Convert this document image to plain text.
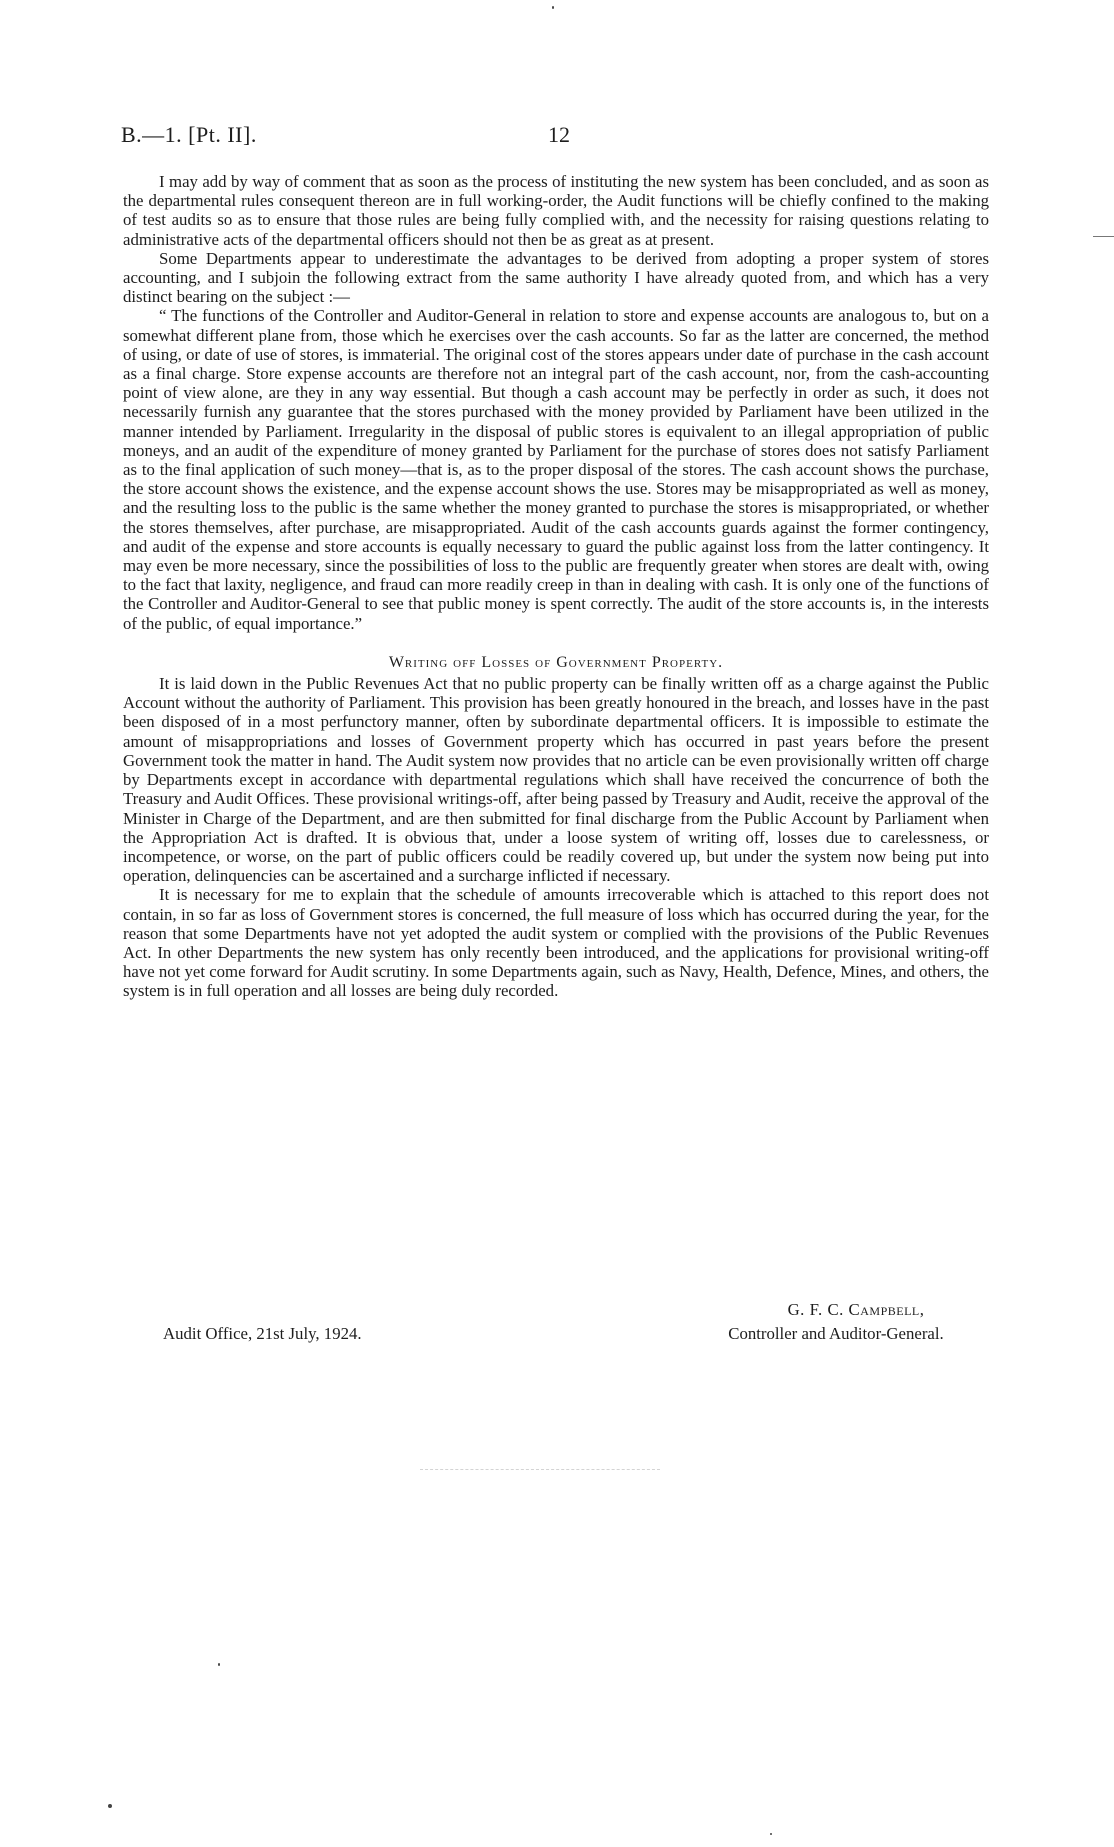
B.—1. [Pt. II].	12

I may add by way of comment that as soon as the process of instituting the new system has been concluded, and as soon as the departmental rules consequent thereon are in full working-order, the Audit functions will be chiefly confined to the making of test audits so as to ensure that those rules are being fully complied with, and the necessity for raising questions relating to administrative acts of the departmental officers should not then be as great as at present.

Some Departments appear to underestimate the advantages to be derived from adopting a proper system of stores accounting, and I subjoin the following extract from the same authority I have already quoted from, and which has a very distinct bearing on the subject :—

“ The functions of the Controller and Auditor-General in relation to store and expense accounts are analogous to, but on a somewhat different plane from, those which he exercises over the cash accounts. So far as the latter are concerned, the method of using, or date of use of stores, is immaterial. The original cost of the stores appears under date of purchase in the cash account as a final charge. Store expense accounts are therefore not an integral part of the cash account, nor, from the cash-accounting point of view alone, are they in any way essential. But though a cash account may be perfectly in order as such, it does not necessarily furnish any guarantee that the stores purchased with the money provided by Parliament have been utilized in the manner intended by Parliament. Irregularity in the disposal of public stores is equivalent to an illegal appropriation of public moneys, and an audit of the expenditure of money granted by Parliament for the purchase of stores does not satisfy Parliament as to the final application of such money—that is, as to the proper disposal of the stores. The cash account shows the purchase, the store account shows the existence, and the expense account shows the use. Stores may be misappropriated as well as money, and the resulting loss to the public is the same whether the money granted to purchase the stores is misappropriated, or whether the stores themselves, after purchase, are misappropriated. Audit of the cash accounts guards against the former contingency, and audit of the expense and store accounts is equally necessary to guard the public against loss from the latter contingency. It may even be more necessary, since the possibilities of loss to the public are frequently greater when stores are dealt with, owing to the fact that laxity, negligence, and fraud can more readily creep in than in dealing with cash. It is only one of the functions of the Controller and Auditor-General to see that public money is spent correctly. The audit of the store accounts is, in the interests of the public, of equal importance.”

Writing off Losses of Government Property.

It is laid down in the Public Revenues Act that no public property can be finally written off as a charge against the Public Account without the authority of Parliament. This provision has been greatly honoured in the breach, and losses have in the past been disposed of in a most perfunctory manner, often by subordinate departmental officers. It is impossible to estimate the amount of misappropriations and losses of Government property which has occurred in past years before the present Government took the matter in hand. The Audit system now provides that no article can be even provisionally written off charge by Departments except in accordance with departmental regulations which shall have received the concurrence of both the Treasury and Audit Offices. These provisional writings-off, after being passed by Treasury and Audit, receive the approval of the Minister in Charge of the Department, and are then submitted for final discharge from the Public Account by Parliament when the Appropriation Act is drafted. It is obvious that, under a loose system of writing off, losses due to carelessness, or incompetence, or worse, on the part of public officers could be readily covered up, but under the system now being put into operation, delinquencies can be ascertained and a surcharge inflicted if necessary.

It is necessary for me to explain that the schedule of amounts irrecoverable which is attached to this report does not contain, in so far as loss of Government stores is concerned, the full measure of loss which has occurred during the year, for the reason that some Departments have not yet adopted the audit system or complied with the provisions of the Public Revenues Act. In other Departments the new system has only recently been introduced, and the applications for provisional writing-off have not yet come forward for Audit scrutiny. In some Departments again, such as Navy, Health, Defence, Mines, and others, the system is in full operation and all losses are being duly recorded.

G. F. C. Campbell,
Audit Office, 21st July, 1924.	Controller and Auditor-General.
